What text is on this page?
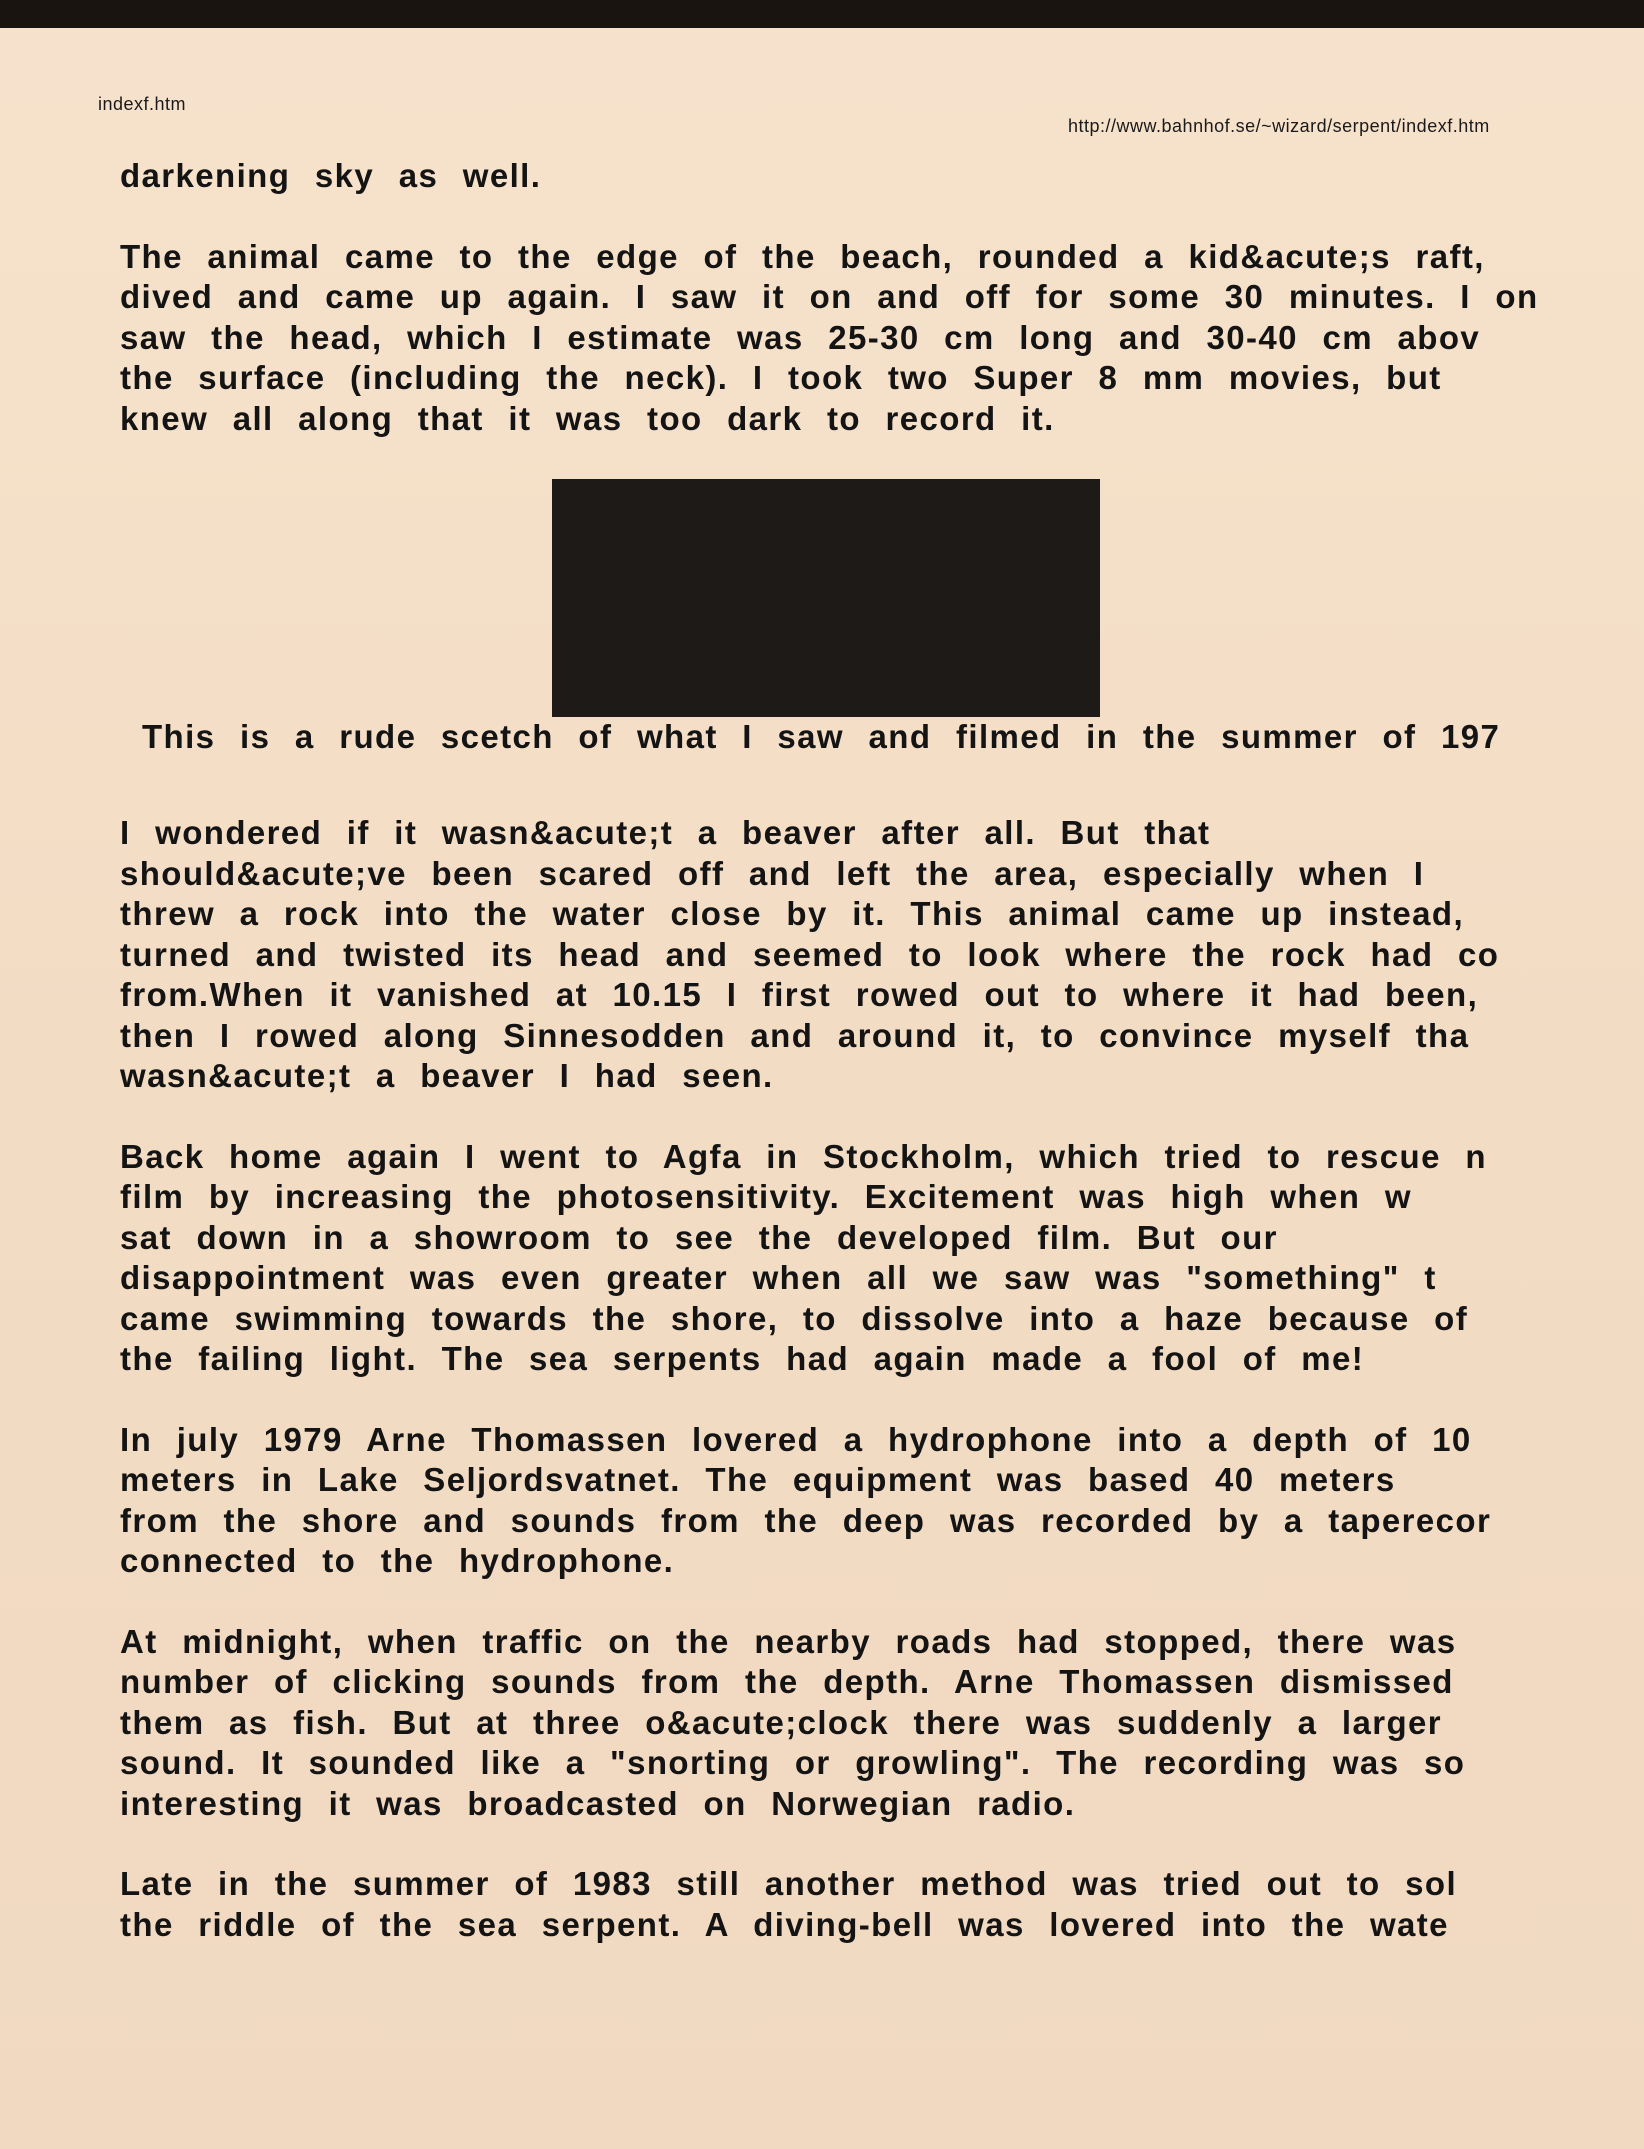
indexf.htm
http://www.bahnhof.se/~wizard/serpent/indexf.htm
darkening sky as well.
The animal came to the edge of the beach, rounded a kid&acute;s raft,
dived and came up again. I saw it on and off for some 30 minutes. I on
saw the head, which I estimate was 25-30 cm long and 30-40 cm abov
the surface (including the neck). I took two Super 8 mm movies, but
knew all along that it was too dark to record it.
This is a rude scetch of what I saw and filmed in the summer of 197
I wondered if it wasn&acute;t a beaver after all. But that
should&acute;ve been scared off and left the area, especially when I
threw a rock into the water close by it. This animal came up instead,
turned and twisted its head and seemed to look where the rock had co
from.When it vanished at 10.15 I first rowed out to where it had been,
then I rowed along Sinnesodden and around it, to convince myself tha
wasn&acute;t a beaver I had seen.
Back home again I went to Agfa in Stockholm, which tried to rescue n
film by increasing the photosensitivity. Excitement was high when w
sat down in a showroom to see the developed film. But our
disappointment was even greater when all we saw was "something" t
came swimming towards the shore, to dissolve into a haze because of
the failing light. The sea serpents had again made a fool of me!
In july 1979 Arne Thomassen lovered a hydrophone into a depth of 10
meters in Lake Seljordsvatnet. The equipment was based 40 meters
from the shore and sounds from the deep was recorded by a taperecor
connected to the hydrophone.
At midnight, when traffic on the nearby roads had stopped, there was
number of clicking sounds from the depth. Arne Thomassen dismissed
them as fish. But at three o&acute;clock there was suddenly a larger
sound. It sounded like a "snorting or growling". The recording was so
interesting it was broadcasted on Norwegian radio.
Late in the summer of 1983 still another method was tried out to sol
the riddle of the sea serpent. A diving-bell was lovered into the wate
